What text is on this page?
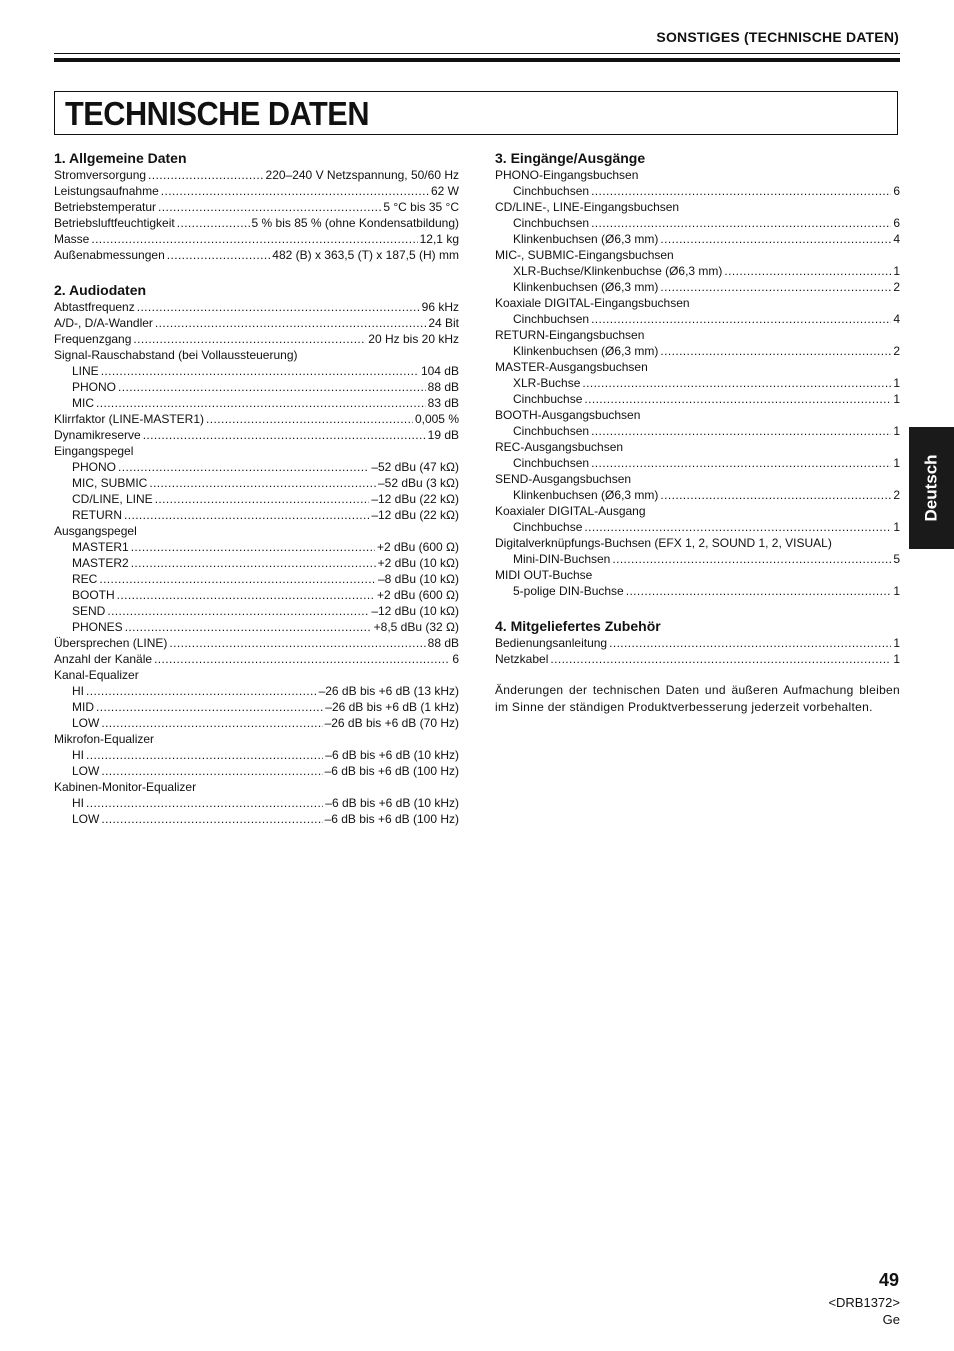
SONSTIGES (TECHNISCHE DATEN)
TECHNISCHE DATEN
1. Allgemeine Daten
Stromversorgung .....	220–240 V Netzspannung, 50/60 Hz
Leistungsaufnahme .....	62 W
Betriebstemperatur .....	5 °C bis 35 °C
Betriebsluftfeuchtigkeit .....	5 % bis 85 % (ohne Kondensatbildung)
Masse .....	12,1 kg
Außenabmessungen .....	482 (B) x 363,5 (T) x 187,5 (H) mm
2. Audiodaten
Abtastfrequenz .....	96 kHz
A/D-, D/A-Wandler .....	24 Bit
Frequenzgang .....	20 Hz bis 20 kHz
Signal-Rauschabstand (bei Vollaussteuerung)
LINE .....	104 dB
PHONO .....	88 dB
MIC .....	83 dB
Klirrfaktor (LINE-MASTER1) .....	0,005 %
Dynamikreserve .....	19 dB
Eingangspegel
PHONO .....	–52 dBu (47 kΩ)
MIC, SUBMIC .....	–52 dBu (3 kΩ)
CD/LINE, LINE .....	–12 dBu (22 kΩ)
RETURN .....	–12 dBu (22 kΩ)
Ausgangspegel
MASTER1 .....	+2 dBu (600 Ω)
MASTER2 .....	+2 dBu (10 kΩ)
REC .....	–8 dBu (10 kΩ)
BOOTH .....	+2 dBu (600 Ω)
SEND .....	–12 dBu (10 kΩ)
PHONES .....	+8,5 dBu (32 Ω)
Übersprechen (LINE) .....	88 dB
Anzahl der Kanäle .....	6
Kanal-Equalizer
HI .....	–26 dB bis +6 dB (13 kHz)
MID .....	–26 dB bis +6 dB (1 kHz)
LOW .....	–26 dB bis +6 dB (70 Hz)
Mikrofon-Equalizer
HI .....	–6 dB bis +6 dB (10 kHz)
LOW .....	–6 dB bis +6 dB (100 Hz)
Kabinen-Monitor-Equalizer
HI .....	–6 dB bis +6 dB (10 kHz)
LOW .....	–6 dB bis +6 dB (100 Hz)
3. Eingänge/Ausgänge
PHONO-Eingangsbuchsen
Cinchbuchsen .....	6
CD/LINE-, LINE-Eingangsbuchsen
Cinchbuchsen .....	6
Klinkenbuchsen (Ø6,3 mm) .....	4
MIC-, SUBMIC-Eingangsbuchsen
XLR-Buchse/Klinkenbuchse (Ø6,3 mm) .....	1
Klinkenbuchsen (Ø6,3 mm) .....	2
Koaxiale DIGITAL-Eingangsbuchsen
Cinchbuchsen .....	4
RETURN-Eingangsbuchsen
Klinkenbuchsen (Ø6,3 mm) .....	2
MASTER-Ausgangsbuchsen
XLR-Buchse .....	1
Cinchbuchse .....	1
BOOTH-Ausgangsbuchsen
Cinchbuchsen .....	1
REC-Ausgangsbuchsen
Cinchbuchsen .....	1
SEND-Ausgangsbuchsen
Klinkenbuchsen (Ø6,3 mm) .....	2
Koaxialer DIGITAL-Ausgang
Cinchbuchse .....	1
Digitalverknüpfungs-Buchsen (EFX 1, 2, SOUND 1, 2, VISUAL)
Mini-DIN-Buchsen .....	5
MIDI OUT-Buchse
5-polige DIN-Buchse .....	1
4. Mitgeliefertes Zubehör
Bedienungsanleitung .....	1
Netzkabel .....	1
Änderungen der technischen Daten und äußeren Aufmachung bleiben im Sinne der ständigen Produktverbesserung jederzeit vorbehalten.
Deutsch
49
<DRB1372>
Ge
